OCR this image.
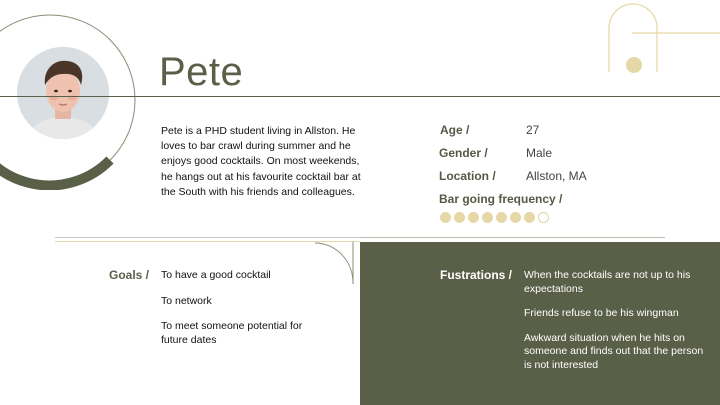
Pete

Pete is a PHD student living in Allston. He loves to bar crawl during summer and he enjoys good cocktails. On most weekends, he hangs out at his favourite cocktail bar at the South with his friends and colleagues.

Age /	27
Gender /	Male
Location /	Allston, MA
Bar going frequency /
Goals / To have a good cocktail
To network
To meet someone potential for future dates
Fustrations / When the cocktails are not up to his expectations
Friends refuse to be his wingman
Awkward situation when he hits on someone and finds out that the person is not interested
